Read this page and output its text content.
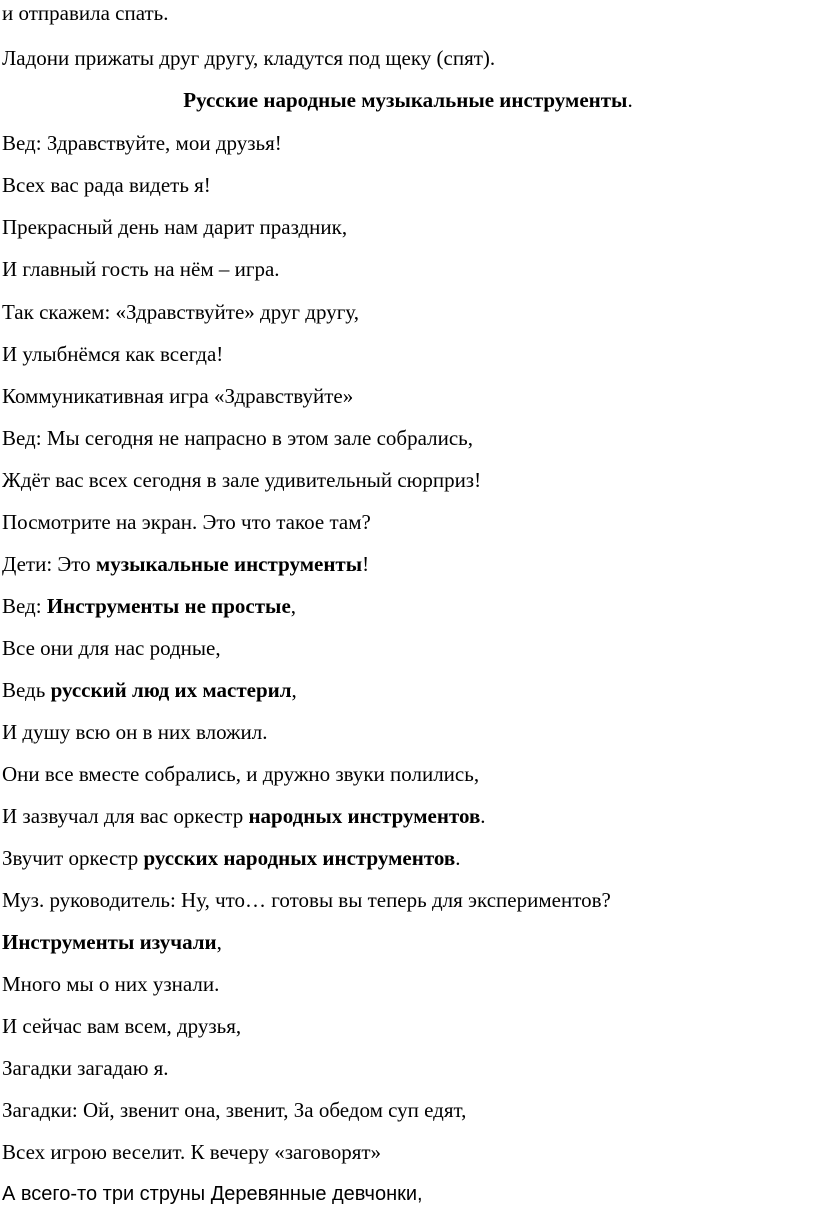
и отправила спать.
Ладони прижаты друг другу, кладутся под щеку (спят).
Русские народные музыкальные инструменты.
Вед: Здравствуйте, мои друзья!
Всех вас рада видеть я!
Прекрасный день нам дарит праздник,
И главный гость на нём – игра.
Так скажем: «Здравствуйте» друг другу,
И улыбнёмся как всегда!
Коммуникативная игра «Здравствуйте»
Вед: Мы сегодня не напрасно в этом зале собрались,
Ждёт вас всех сегодня в зале удивительный сюрприз!
Посмотрите на экран. Это что такое там?
Дети: Это музыкальные инструменты!
Вед: Инструменты не простые,
Все они для нас родные,
Ведь русский люд их мастерил,
И душу всю он в них вложил.
Они все вместе собрались, и дружно звуки полились,
И зазвучал для вас оркестр народных инструментов.
Звучит оркестр русских народных инструментов.
Муз. руководитель: Ну, что… готовы вы теперь для экспериментов?
Инструменты изучали,
Много мы о них узнали.
И сейчас вам всем, друзья,
Загадки загадаю я.
Загадки: Ой, звенит она, звенит, За обедом суп едят,
Всех игрою веселит. К вечеру «заговорят»
А всего-то три струны Деревянные девчонки,
